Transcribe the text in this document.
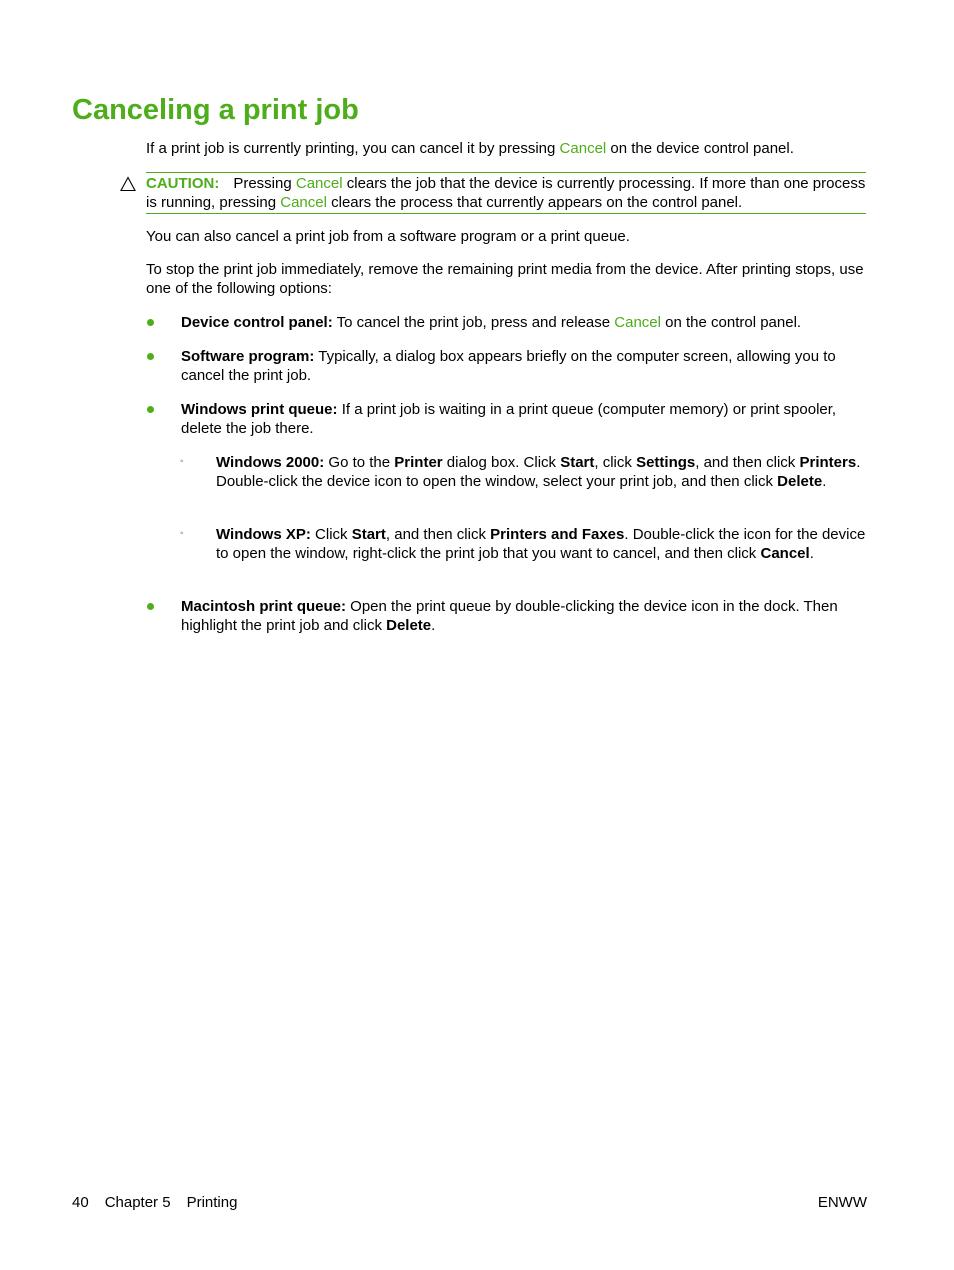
Canceling a print job

If a print job is currently printing, you can cancel it by pressing Cancel on the device control panel.

CAUTION: Pressing Cancel clears the job that the device is currently processing. If more than one process is running, pressing Cancel clears the process that currently appears on the control panel.

You can also cancel a print job from a software program or a print queue.

To stop the print job immediately, remove the remaining print media from the device. After printing stops, use one of the following options:

Device control panel: To cancel the print job, press and release Cancel on the control panel.

Software program: Typically, a dialog box appears briefly on the computer screen, allowing you to cancel the print job.

Windows print queue: If a print job is waiting in a print queue (computer memory) or print spooler, delete the job there.

◦ Windows 2000: Go to the Printer dialog box. Click Start, click Settings, and then click Printers. Double-click the device icon to open the window, select your print job, and then click Delete.

◦ Windows XP: Click Start, and then click Printers and Faxes. Double-click the icon for the device to open the window, right-click the print job that you want to cancel, and then click Cancel.

Macintosh print queue: Open the print queue by double-clicking the device icon in the dock. Then highlight the print job and click Delete.

40 Chapter 5 Printing	ENWW
